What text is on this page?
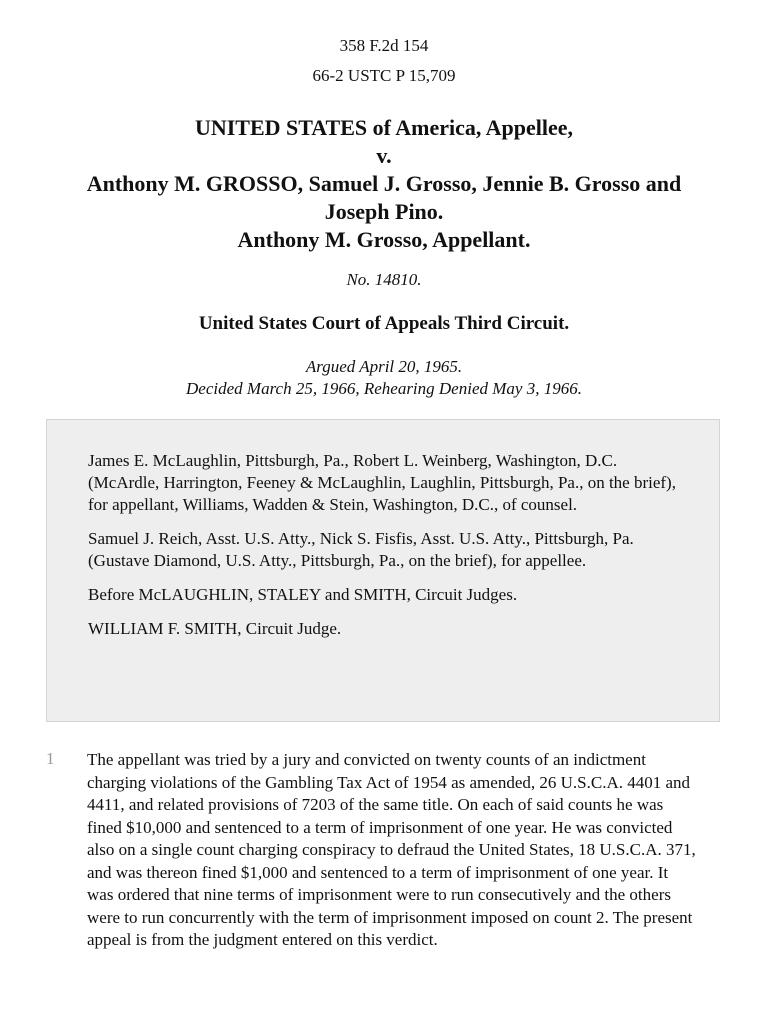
358 F.2d 154
66-2 USTC P 15,709
UNITED STATES of America, Appellee,
v.
Anthony M. GROSSO, Samuel J. Grosso, Jennie B. Grosso and
Joseph Pino.
Anthony M. Grosso, Appellant.
No. 14810.
United States Court of Appeals Third Circuit.
Argued April 20, 1965.
Decided March 25, 1966, Rehearing Denied May 3, 1966.

James E. McLaughlin, Pittsburgh, Pa., Robert L. Weinberg, Washington, D.C. (McArdle, Harrington, Feeney & McLaughlin, Laughlin, Pittsburgh, Pa., on the brief), for appellant, Williams, Wadden & Stein, Washington, D.C., of counsel.

Samuel J. Reich, Asst. U.S. Atty., Nick S. Fisfis, Asst. U.S. Atty., Pittsburgh, Pa. (Gustave Diamond, U.S. Atty., Pittsburgh, Pa., on the brief), for appellee.

Before McLAUGHLIN, STALEY and SMITH, Circuit Judges.

WILLIAM F. SMITH, Circuit Judge.

1 The appellant was tried by a jury and convicted on twenty counts of an indictment charging violations of the Gambling Tax Act of 1954 as amended, 26 U.S.C.A. 4401 and 4411, and related provisions of 7203 of the same title. On each of said counts he was fined $10,000 and sentenced to a term of imprisonment of one year. He was convicted also on a single count charging conspiracy to defraud the United States, 18 U.S.C.A. 371, and was thereon fined $1,000 and sentenced to a term of imprisonment of one year. It was ordered that nine terms of imprisonment were to run consecutively and the others were to run concurrently with the term of imprisonment imposed on count 2. The present appeal is from the judgment entered on this verdict.
